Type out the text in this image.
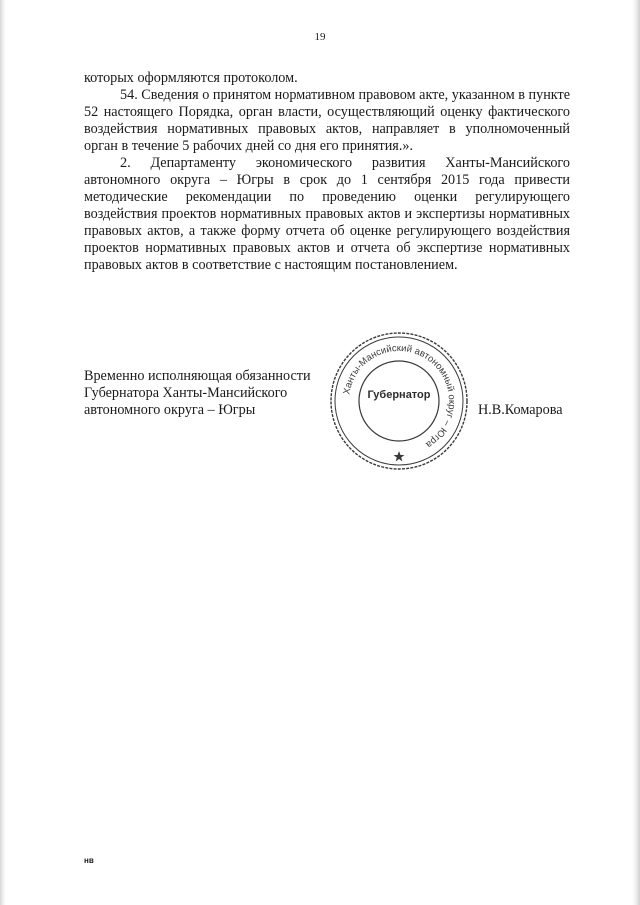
19

которых оформляются протоколом.

54. Сведения о принятом нормативном правовом акте, указанном в пункте 52 настоящего Порядка, орган власти, осуществляющий оценку фактического воздействия нормативных правовых актов, направляет в уполномоченный орган в течение 5 рабочих дней со дня его принятия.».

2. Департаменту экономического развития Ханты-Мансийского автономного округа – Югры в срок до 1 сентября 2015 года привести методические рекомендации по проведению оценки регулирующего воздействия проектов нормативных правовых актов и экспертизы нормативных правовых актов, а также форму отчета об оценке регулирующего воздействия проектов нормативных правовых актов и отчета об экспертизе нормативных правовых актов в соответствие с настоящим постановлением.

Временно исполняющая обязанности
Губернатора Ханты-Мансийского
автономного округа – Югры
Ханты-Мансийский автономный округ – Югра
Губернатор
Н.В.Комарова
нв
